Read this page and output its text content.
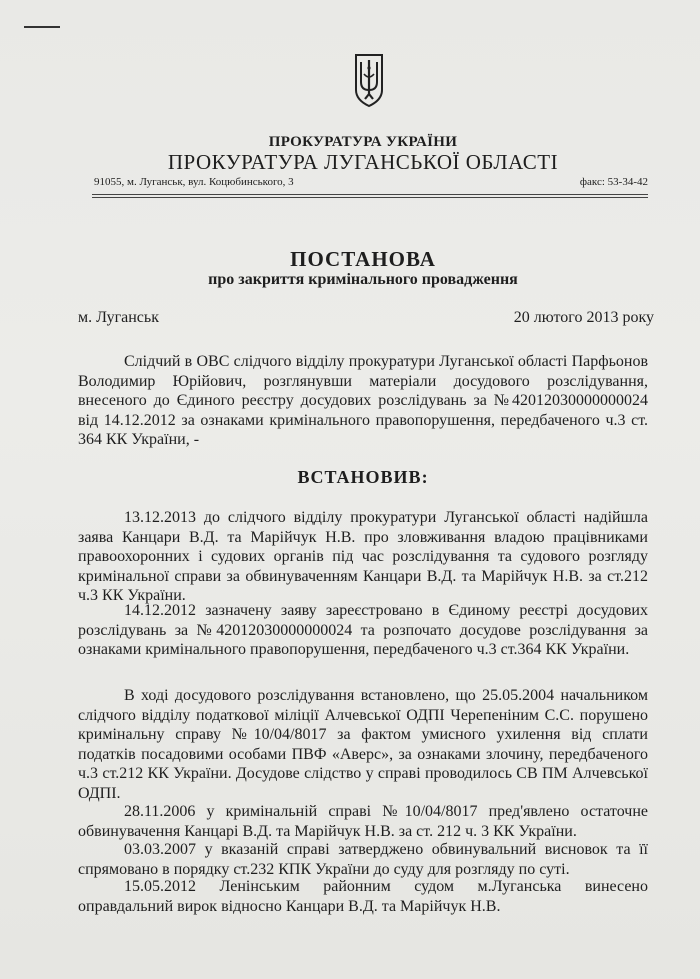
ПРОКУРАТУРА УКРАЇНИ
ПРОКУРАТУРА ЛУГАНСЬКОЇ ОБЛАСТІ
91055, м. Луганськ, вул. Коцюбинського, 3	факс: 53-34-42
ПОСТАНОВА
про закриття кримінального провадження
м. Луганськ	20 лютого 2013 року
Слідчий в ОВС слідчого відділу прокуратури Луганської області Парфьонов Володимир Юрійович, розглянувши матеріали досудового розслідування, внесеного до Єдиного реєстру досудових розслідувань за №42012030000000024 від 14.12.2012 за ознаками кримінального правопорушення, передбаченого ч.3 ст. 364 КК України, -
ВСТАНОВИВ:
13.12.2013 до слідчого відділу прокуратури Луганської області надійшла заява Канцари В.Д. та Марійчук Н.В. про зловживання владою працівниками правоохоронних і судових органів під час розслідування та судового розгляду кримінальної справи за обвинуваченням Канцари В.Д. та Марійчук Н.В. за ст.212 ч.3 КК України.
14.12.2012 зазначену заяву зареєстровано в Єдиному реєстрі досудових розслідувань за №42012030000000024 та розпочато досудове розслідування за ознаками кримінального правопорушення, передбаченого ч.3 ст.364 КК України.
В ході досудового розслідування встановлено, що 25.05.2004 начальником слідчого відділу податкової міліції Алчевської ОДПІ Черепеніним С.С. порушено кримінальну справу №10/04/8017 за фактом умисного ухилення від сплати податків посадовими особами ПВФ «Аверс», за ознаками злочину, передбаченого ч.3 ст.212 КК України. Досудове слідство у справі проводилось СВ ПМ Алчевської ОДПІ.
28.11.2006 у кримінальній справі №10/04/8017 пред'явлено остаточне обвинувачення Канцарі В.Д. та Марійчук Н.В. за ст. 212 ч. 3 КК України.
03.03.2007 у вказаній справі затверджено обвинувальний висновок та її спрямовано в порядку ст.232 КПК України до суду для розгляду по суті.
15.05.2012 Ленінським районним судом м.Луганська винесено оправдальний вирок відносно Канцари В.Д. та Марійчук Н.В.
